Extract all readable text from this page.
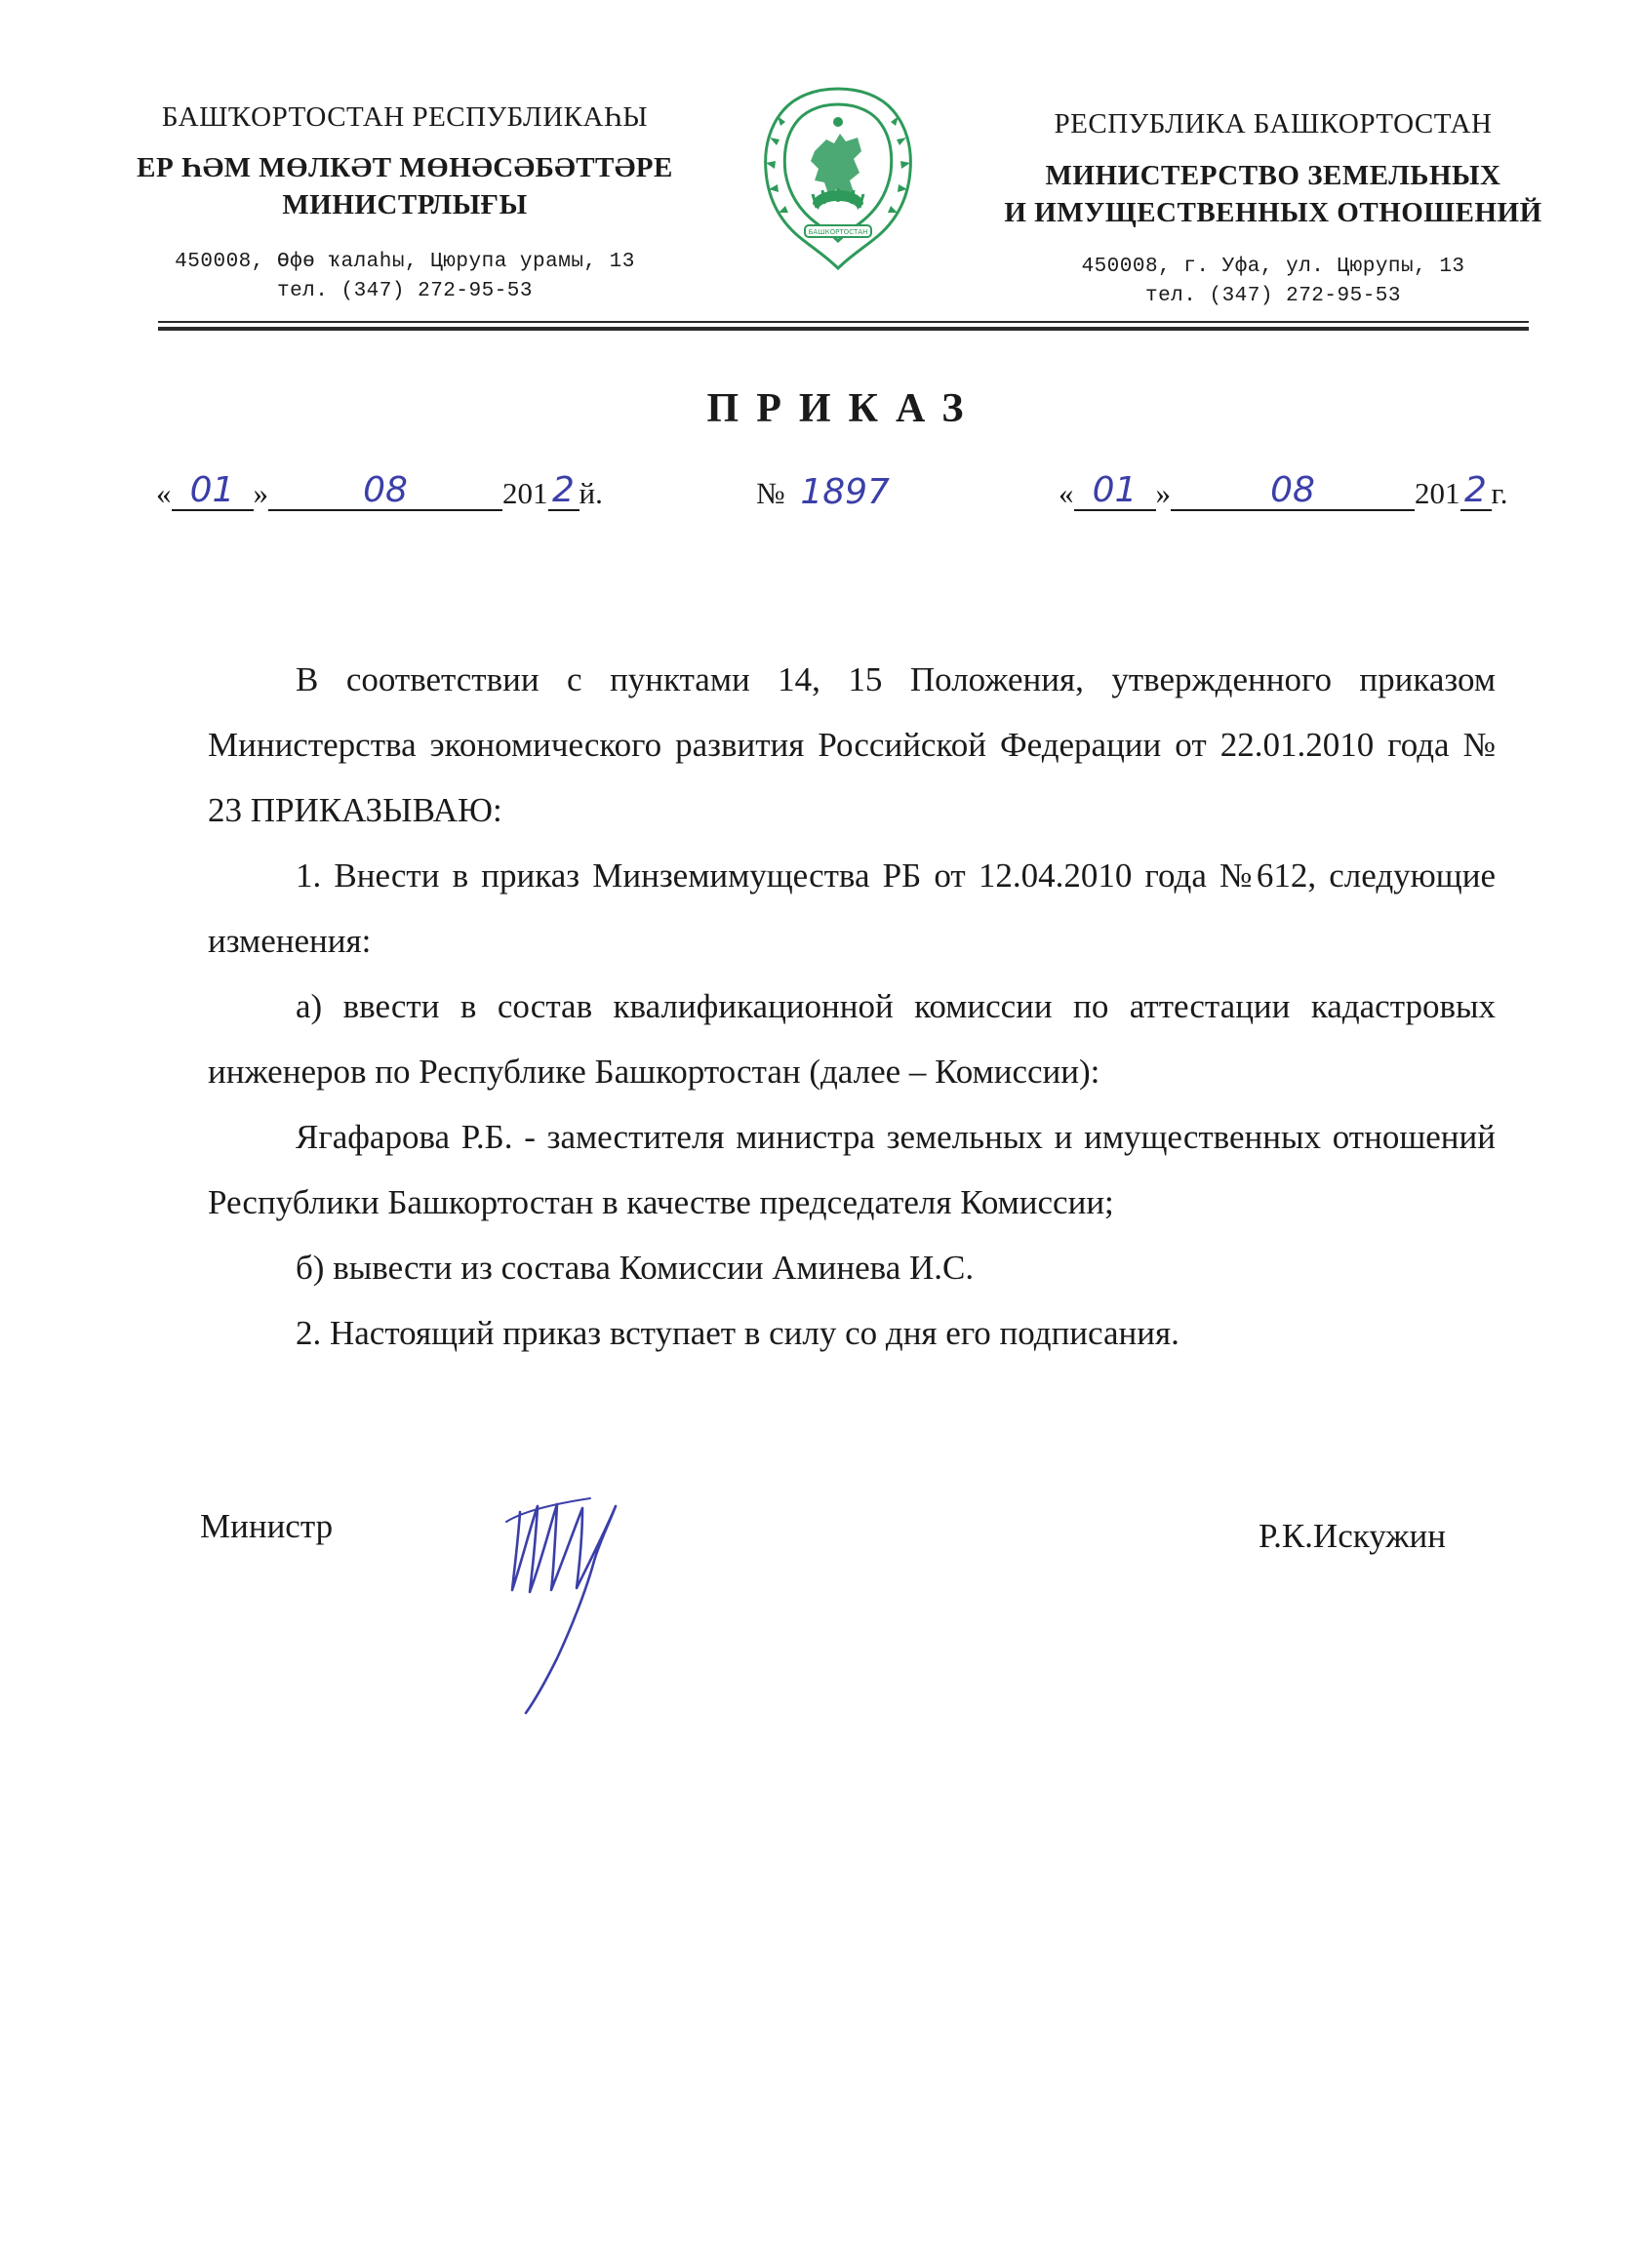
БАШҠОРТОСТАН РЕСПУБЛИКАҺЫ
ЕР ҺӘМ МӨЛКӘТ МӨНӘСӘБӘТТӘРЕ
МИНИСТРЛЫҒЫ
450008, Өфө ҡалаһы, Цюрупа урамы, 13
тел. (347) 272-95-53
БАШКОРТОСТАН
РЕСПУБЛИКА БАШКОРТОСТАН
МИНИСТЕРСТВО ЗЕМЕЛЬНЫХ
И ИМУЩЕСТВЕННЫХ ОТНОШЕНИЙ
450008, г. Уфа, ул. Цюрупы, 13
тел. (347) 272-95-53
ПРИКАЗ
« 01 »	08	201 2 й.	№ 1897	« 01 »	08	201 2 г.

В соответствии с пунктами 14, 15 Положения, утвержденного приказом Министерства экономического развития Российской Федерации от 22.01.2010 года № 23 ПРИКАЗЫВАЮ:

1. Внести в приказ Минземимущества РБ от 12.04.2010 года №612, следующие изменения:

а) ввести в состав квалификационной комиссии по аттестации кадастровых инженеров по Республике Башкортостан (далее – Комиссии):

Ягафарова Р.Б. - заместителя министра земельных и имущественных отношений Республики Башкортостан в качестве председателя Комиссии;

б) вывести из состава Комиссии Аминева И.С.

2. Настоящий приказ вступает в силу со дня его подписания.

Министр	Р.К.Искужин
